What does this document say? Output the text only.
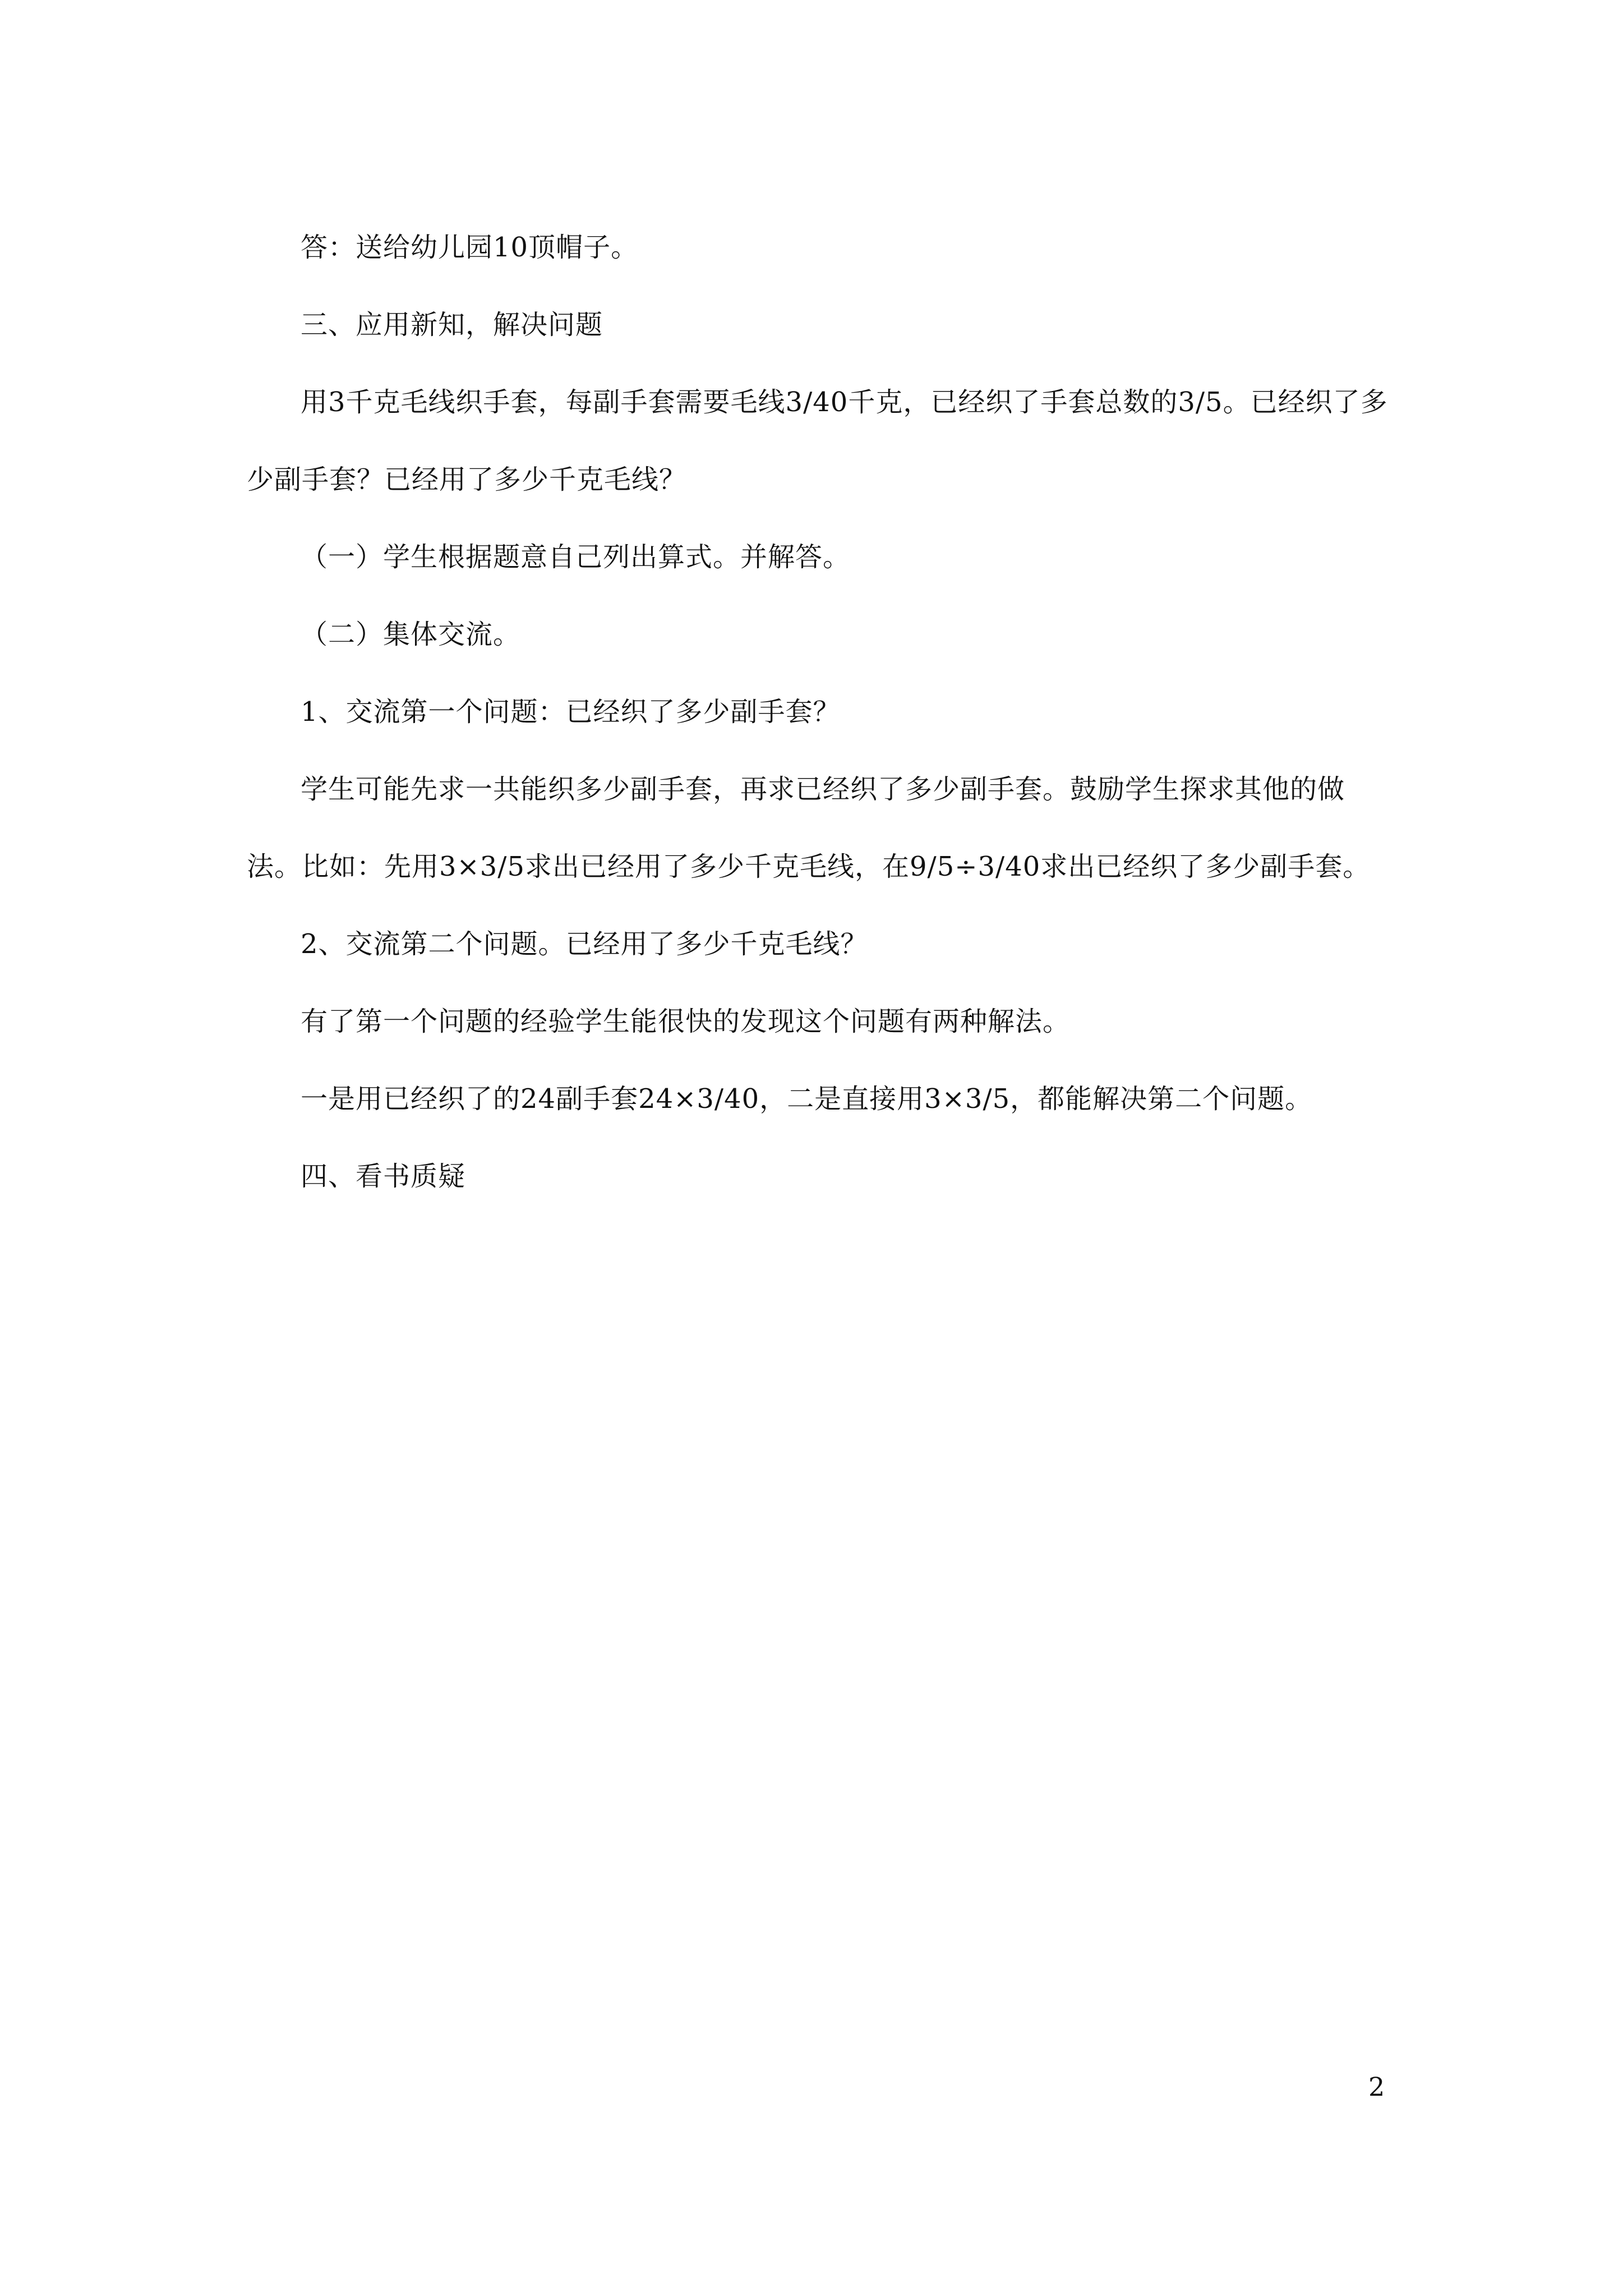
答：送给幼儿园10顶帽子。

三、应用新知，解决问题

用3千克毛线织手套，每副手套需要毛线3/40千克，已经织了手套总数的3/5。已经织了多少副手套？已经用了多少千克毛线？

（一）学生根据题意自己列出算式。并解答。

（二）集体交流。

1、交流第一个问题：已经织了多少副手套？

学生可能先求一共能织多少副手套，再求已经织了多少副手套。鼓励学生探求其他的做法。比如：先用3×3/5求出已经用了多少千克毛线，在9/5÷3/40求出已经织了多少副手套。

2、交流第二个问题。已经用了多少千克毛线？

有了第一个问题的经验学生能很快的发现这个问题有两种解法。

一是用已经织了的24副手套24×3/40，二是直接用3×3/5，都能解决第二个问题。

四、看书质疑

2
